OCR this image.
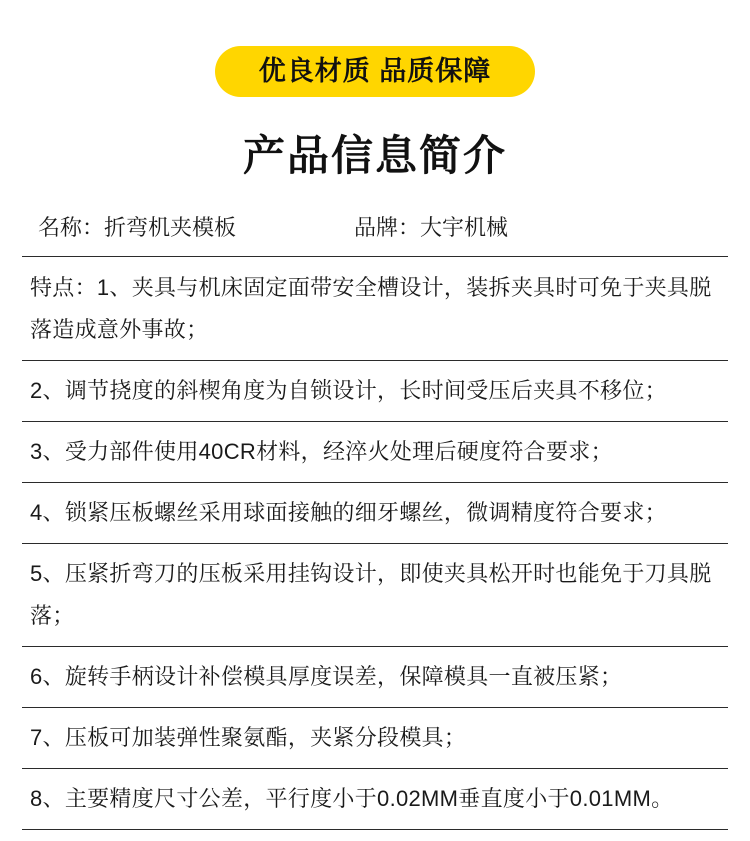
优良材质 品质保障
产品信息简介
名称：折弯机夹模板	品牌：大宇机械
特点：1、夹具与机床固定面带安全槽设计，装拆夹具时可免于夹具脱落造成意外事故；
2、调节挠度的斜楔角度为自锁设计，长时间受压后夹具不移位；
3、受力部件使用40CR材料，经淬火处理后硬度符合要求；
4、锁紧压板螺丝采用球面接触的细牙螺丝，微调精度符合要求；
5、压紧折弯刀的压板采用挂钩设计，即使夹具松开时也能免于刀具脱落；
6、旋转手柄设计补偿模具厚度误差，保障模具一直被压紧；
7、压板可加装弹性聚氨酯，夹紧分段模具；
8、主要精度尺寸公差，平行度小于0.02MM垂直度小于0.01MM。
